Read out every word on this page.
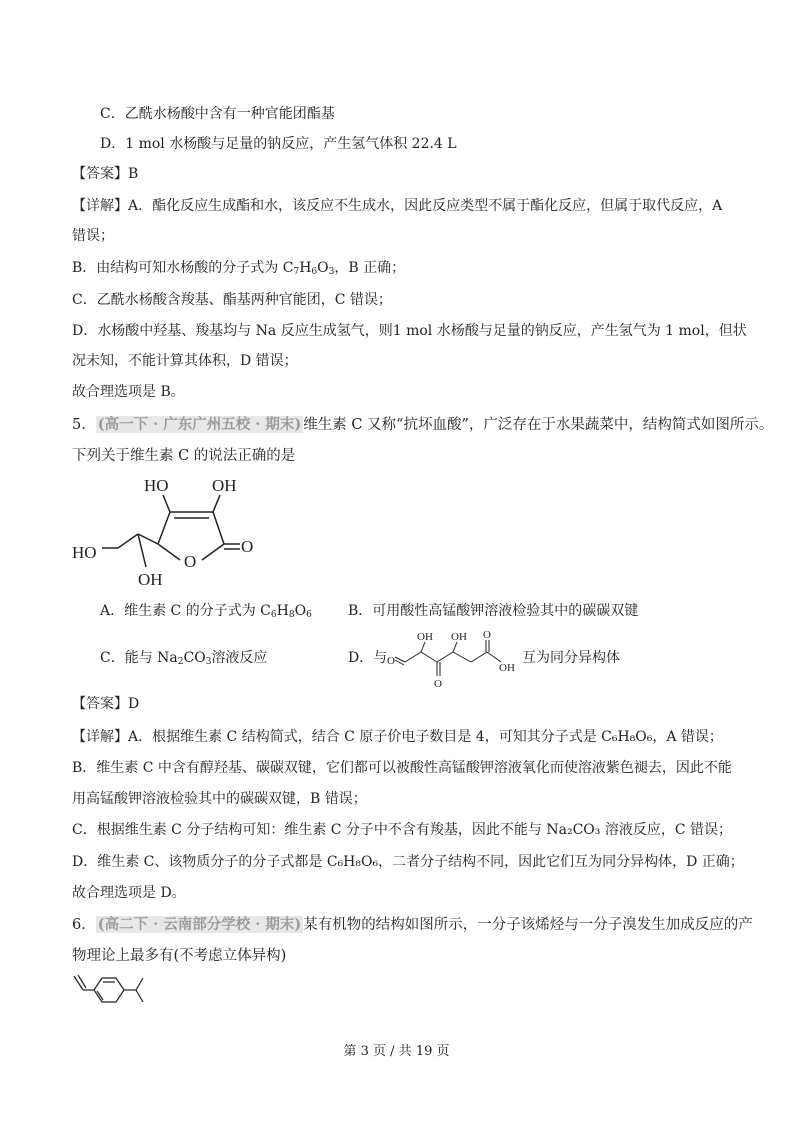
C．乙酰水杨酸中含有一种官能团酯基
D．1 mol 水杨酸与足量的钠反应，产生氢气体积 22.4 L
【答案】B
【详解】A．酯化反应生成酯和水，该反应不生成水，因此反应类型不属于酯化反应，但属于取代反应，A
错误；
B．由结构可知水杨酸的分子式为 $C_7H_6O_3$，B 正确；
C．乙酰水杨酸含羧基、酯基两种官能团，C 错误；
D．水杨酸中羟基、羧基均与 Na 反应生成氢气，则1 mol 水杨酸与足量的钠反应，产生氢气为 1 mol，但状
况未知，不能计算其体积，D 错误；
故合理选项是 B。
5． (高一下 · 广东广州五校 · 期末) 维生素 C 又称“抗坏血酸”，广泛存在于水果蔬菜中，结构简式如图所示。
下列关于维生素 C 的说法正确的是
HO	OH
O
O
HO
OH
A．维生素 C 的分子式为 $C_6H_8O_6$	B．可用酸性高锰酸钾溶液检验其中的碳碳双键
C．能与 $Na_2CO_3$溶液反应	D．与 O
OH
O
OH O
OH
互为同分异构体
【答案】D
【详解】A．根据维生素 C 结构简式，结合 C 原子价电子数目是 4，可知其分子式是 C₆H₈O₆，A 错误；
B．维生素 C 中含有醇羟基、碳碳双键，它们都可以被酸性高锰酸钾溶液氧化而使溶液紫色褪去，因此不能
用高锰酸钾溶液检验其中的碳碳双键，B 错误；
C．根据维生素 C 分子结构可知：维生素 C 分子中不含有羧基，因此不能与 Na₂CO₃ 溶液反应，C 错误；
D．维生素 C、该物质分子的分子式都是 C₆H₈O₆，二者分子结构不同，因此它们互为同分异构体，D 正确；
故合理选项是 D。
6． (高二下 · 云南部分学校 · 期末) 某有机物的结构如图所示，一分子该烯烃与一分子溴发生加成反应的产
物理论上最多有(不考虑立体异构)
第 3 页 / 共 19 页
